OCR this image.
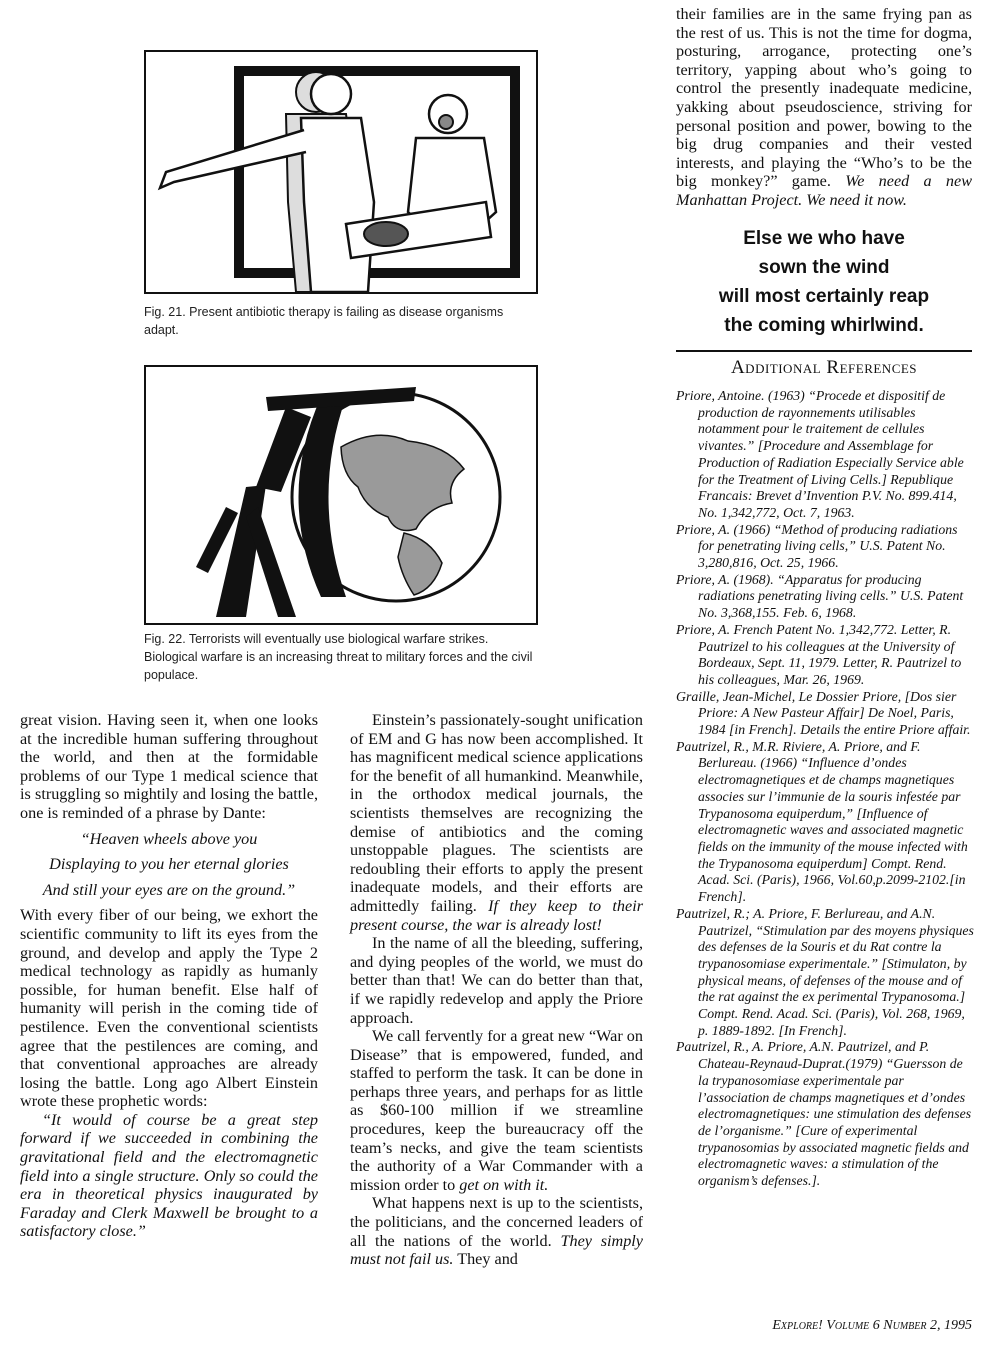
Fig. 21. Present antibiotic therapy is failing as disease organisms adapt.
Fig. 22. Terrorists will eventually use biological warfare strikes. Biological warfare is an increasing threat to military forces and the civil populace.

great vision. Having seen it, when one looks at the incredible human suffering throughout the world, and then at the formidable problems of our Type 1 medical science that is struggling so mightily and losing the battle, one is reminded of a phrase by Dante:

“Heaven wheels above you

Displaying to you her eternal glories

And still your eyes are on the ground.”

With every fiber of our being, we exhort the scientific community to lift its eyes from the ground, and develop and apply the Type 2 medical technology as rapidly as humanly possible, for human benefit. Else half of humanity will perish in the coming tide of pestilence. Even the conventional scientists agree that the pestilences are coming, and that conventional approaches are already losing the battle. Long ago Albert Einstein wrote these prophetic words:

“It would of course be a great step forward if we succeeded in combining the gravitational field and the electromagnetic field into a single structure. Only so could the era in theoretical physics inaugurated by Faraday and Clerk Maxwell be brought to a satisfactory close.”

Einstein’s passionately-sought unification of EM and G has now been accomplished. It has magnificent medical science applications for the benefit of all humankind. Meanwhile, in the orthodox medical journals, the scientists themselves are recognizing the demise of antibiotics and the coming unstoppable plagues. The scientists are redoubling their efforts to apply the present inadequate models, and their efforts are admittedly failing. If they keep to their present course, the war is already lost!

In the name of all the bleeding, suffering, and dying peoples of the world, we must do better than that! We can do better than that, if we rapidly redevelop and apply the Priore approach.

We call fervently for a great new “War on Disease” that is empowered, funded, and staffed to perform the task. It can be done in perhaps three years, and perhaps for as little as $60-100 million if we streamline procedures, keep the bureaucracy off the team’s necks, and give the team scientists the authority of a War Commander with a mission order to get on with it.

What happens next is up to the scientists, the politicians, and the concerned leaders of all the nations of the world. They simply must not fail us. They and

their families are in the same frying pan as the rest of us. This is not the time for dogma, posturing, arrogance, protecting one’s territory, yapping about who’s going to control the presently inadequate medicine, yakking about pseudoscience, striving for personal position and power, bowing to the big drug companies and their vested interests, and playing the “Who’s to be the big monkey?” game. We need a new Manhattan Project. We need it now.

Else we who have
sown the wind
will most certainly reap
the coming whirlwind.
Additional References

Priore, Antoine. (1963) “Procede et dispositif de production de rayonnements utilisables notamment pour le traitement de cellules vivantes.” [Procedure and Assemblage for Production of Radiation Especially Service able for the Treatment of Living Cells.] Republique Francais: Brevet d’Invention P.V. No. 899.414, No. 1,342,772, Oct. 7, 1963.

Priore, A. (1966) “Method of producing radiations for penetrating living cells,” U.S. Patent No. 3,280,816, Oct. 25, 1966.

Priore, A. (1968). “Apparatus for producing radiations penetrating living cells.” U.S. Patent No. 3,368,155. Feb. 6, 1968.

Priore, A. French Patent No. 1,342,772. Letter, R. Pautrizel to his colleagues at the University of Bordeaux, Sept. 11, 1979. Letter, R. Pautrizel to his colleagues, Mar. 26, 1969.

Graille, Jean-Michel, Le Dossier Priore, [Dos sier Priore: A New Pasteur Affair] De Noel, Paris, 1984 [in French]. Details the entire Priore affair.

Pautrizel, R., M.R. Riviere, A. Priore, and F. Berlureau. (1966) “Influence d’ondes electromagnetiques et de champs magnetiques associes sur l’immunie de la souris infestée par Trypanosoma equiperdum,” [Influence of electromagnetic waves and associated magnetic fields on the immunity of the mouse infected with the Trypanosoma equiperdum] Compt. Rend. Acad. Sci. (Paris), 1966, Vol.60,p.2099-2102.[in French].

Pautrizel, R.; A. Priore, F. Berlureau, and A.N. Pautrizel, “Stimulation par des moyens physiques des defenses de la Souris et du Rat contre la trypanosomiase experimentale.” [Stimulaton, by physical means, of defenses of the mouse and of the rat against the ex perimental Trypanosoma.] Compt. Rend. Acad. Sci. (Paris), Vol. 268, 1969, p. 1889-1892. [In French].

Pautrizel, R., A. Priore, A.N. Pautrizel, and P. Chateau-Reynaud-Duprat.(1979) “Guersson de la trypanosomiase experimentale par l’association de champs magnetiques et d’ondes electromagnetiques: une stimulation des defenses de l’organisme.” [Cure of experimental trypanosomias by associated magnetic fields and electromagnetic waves: a stimulation of the organism’s defenses.].

Explore! Volume 6 Number 2, 1995
